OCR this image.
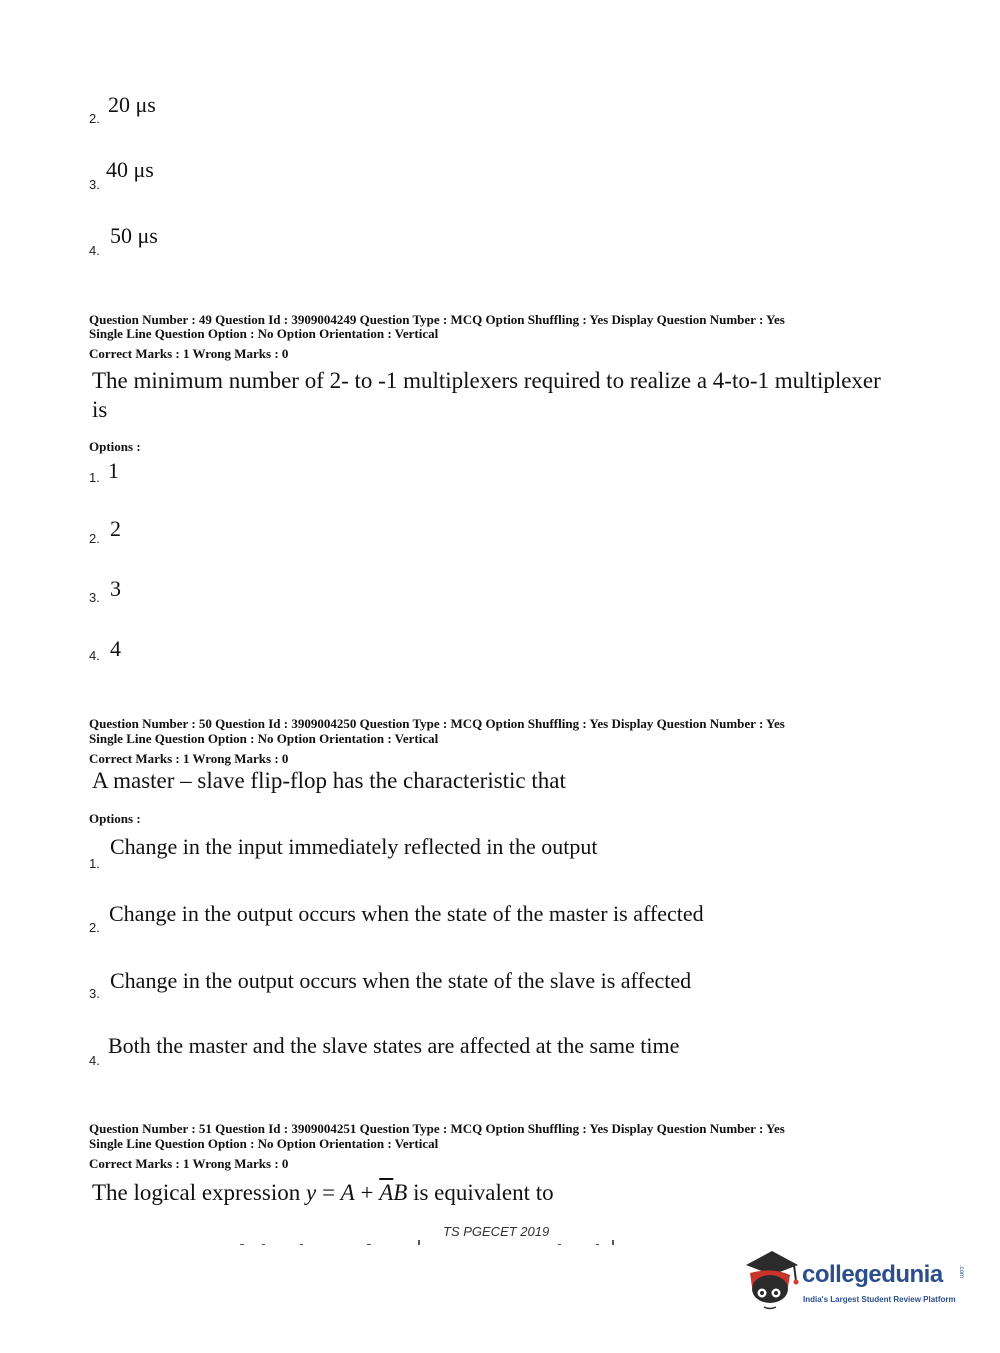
2.
20 μs
3.
40 μs
4.
50 μs
Question Number : 49 Question Id : 3909004249 Question Type : MCQ Option Shuffling : Yes Display Question Number : Yes
Single Line Question Option : No Option Orientation : Vertical
Correct Marks : 1 Wrong Marks : 0
The minimum number of 2- to -1 multiplexers required to realize a 4-to-1 multiplexer
is
Options :
1. 1
2. 2
3. 3
4. 4
Question Number : 50 Question Id : 3909004250 Question Type : MCQ Option Shuffling : Yes Display Question Number : Yes
Single Line Question Option : No Option Orientation : Vertical
Correct Marks : 1 Wrong Marks : 0
A master – slave flip-flop has the characteristic that
Options :
1.
Change in the input immediately reflected in the output
2.
Change in the output occurs when the state of the master is affected
3.
Change in the output occurs when the state of the slave is affected
4.
Both the master and the slave states are affected at the same time
Question Number : 51 Question Id : 3909004251 Question Type : MCQ Option Shuffling : Yes Display Question Number : Yes
Single Line Question Option : No Option Orientation : Vertical
Correct Marks : 1 Wrong Marks : 0
The logical expression $y = A + \overline{A}B$ is equivalent to
TS PGECET 2019
collegedunia	.com
India's Largest Student Review Platform
